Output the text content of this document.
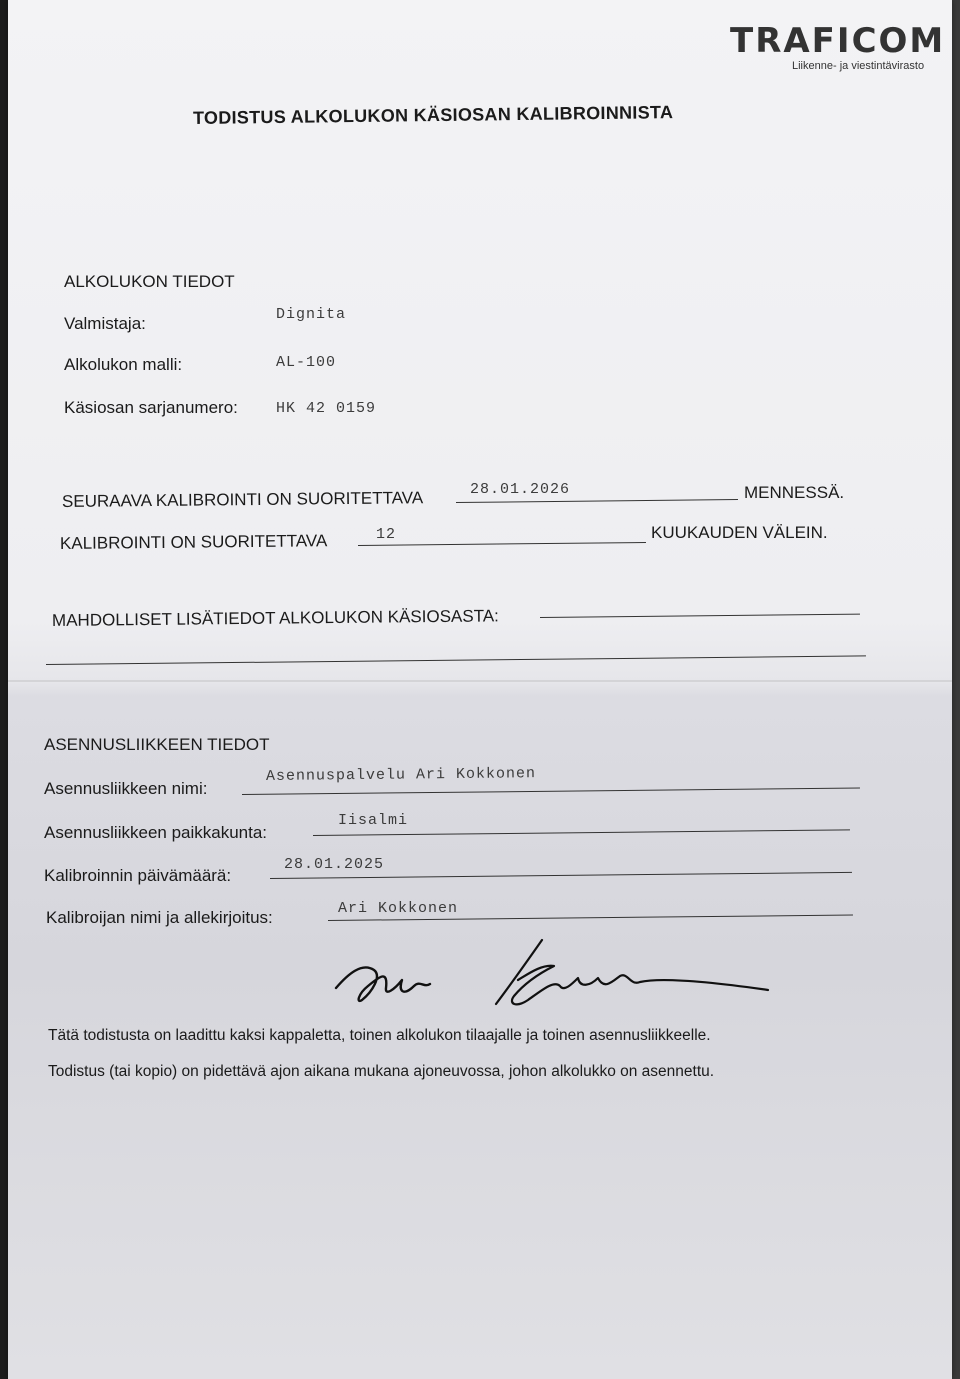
TRAFICOM
Liikenne- ja viestintävirasto
TODISTUS ALKOLUKON KÄSIOSAN KALIBROINNISTA
ALKOLUKON TIEDOT
Valmistaja:	Dignita
Alkolukon malli:	AL-100
Käsiosan sarjanumero:	HK 42 0159
SEURAAVA KALIBROINTI ON SUORITETTAVA	28.01.2026	MENNESSÄ.
KALIBROINTI ON SUORITETTAVA	12	KUUKAUDEN VÄLEIN.
MAHDOLLISET LISÄTIEDOT ALKOLUKON KÄSIOSASTA:
ASENNUSLIIKKEEN TIEDOT
Asennusliikkeen nimi:
Asennuspalvelu Ari Kokkonen
Asennusliikkeen paikkakunta:
Iisalmi
Kalibroinnin päivämäärä:
28.01.2025
Kalibroijan nimi ja allekirjoitus:	Ari Kokkonen
Tätä todistusta on laadittu kaksi kappaletta, toinen alkolukon tilaajalle ja toinen asennusliikkeelle.
Todistus (tai kopio) on pidettävä ajon aikana mukana ajoneuvossa, johon alkolukko on asennettu.
